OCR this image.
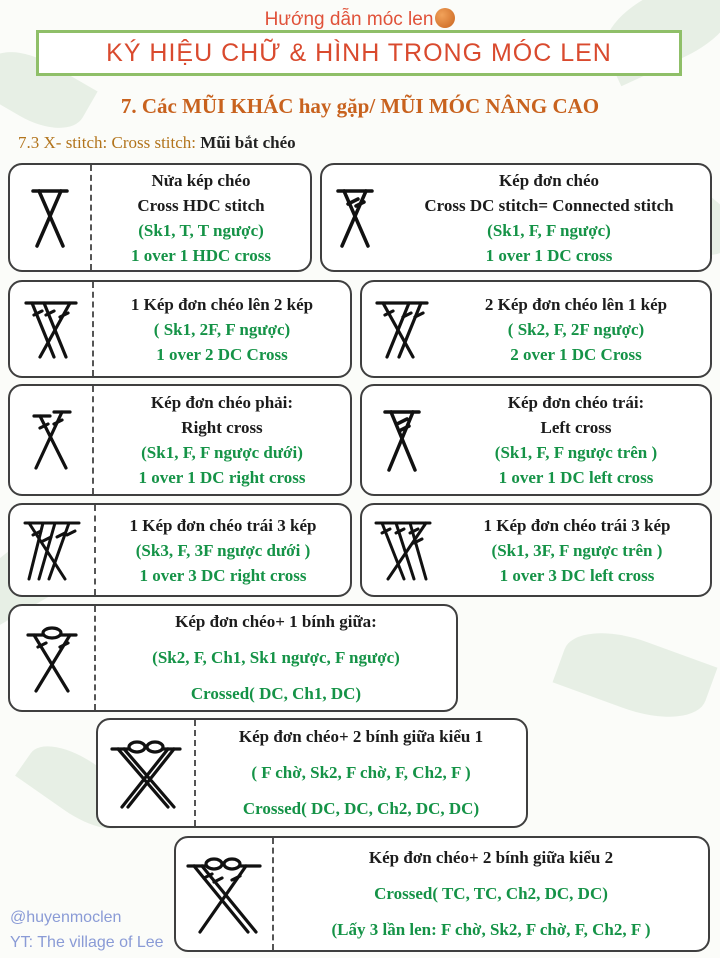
Hướng dẫn móc len
KÝ HIỆU CHỮ & HÌNH TRONG MÓC LEN
7. Các MŨI KHÁC hay gặp/ MŨI MÓC NÂNG CAO
7.3 X- stitch: Cross stitch: Mũi bắt chéo
Nửa kép chéo
Cross HDC stitch
(Sk1, T, T ngược)
1 over 1 HDC cross
Kép đơn chéo
Cross DC stitch= Connected stitch
(Sk1, F, F ngược)
1 over 1 DC cross
1 Kép đơn chéo lên 2 kép
( Sk1, 2F, F ngược)
1 over 2 DC Cross
2 Kép đơn chéo lên 1 kép
( Sk2, F, 2F ngược)
2 over 1 DC Cross
Kép đơn chéo phải:
Right cross
(Sk1, F, F ngược dưới)
1 over 1 DC right cross
Kép đơn chéo trái:
Left cross
(Sk1, F, F ngược trên )
1 over 1 DC left cross
1 Kép đơn chéo trái 3 kép
(Sk3, F, 3F ngược dưới )
1 over 3 DC right cross
1 Kép đơn chéo trái 3 kép
(Sk1, 3F, F ngược trên )
1 over 3 DC left cross
Kép đơn chéo+ 1 bính giữa:
(Sk2, F, Ch1, Sk1 ngược, F ngược)
Crossed( DC, Ch1, DC)
Kép đơn chéo+ 2 bính giữa kiểu 1
( F chờ, Sk2, F chờ, F, Ch2, F )
Crossed( DC, DC, Ch2, DC, DC)
Kép đơn chéo+ 2 bính giữa kiểu 2
Crossed( TC, TC, Ch2, DC, DC)
(Lấy 3 lần len: F chờ, Sk2, F chờ, F, Ch2, F )
@huyenmoclen
YT: The village of Lee
